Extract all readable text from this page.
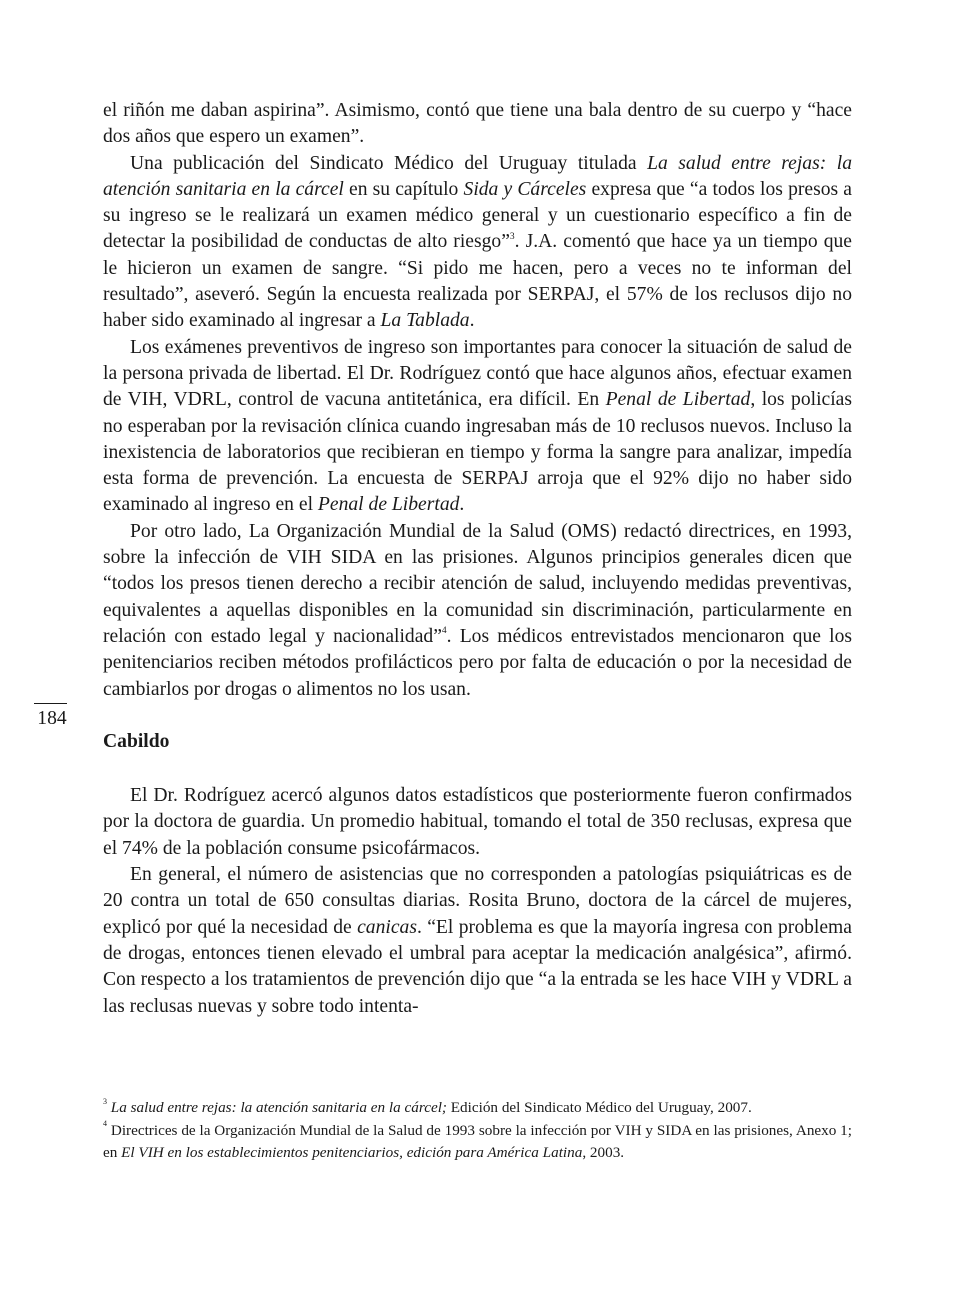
el riñón me daban aspirina”. Asimismo, contó que tiene una bala dentro de su cuerpo y “hace dos años que espero un examen”.

Una publicación del Sindicato Médico del Uruguay titulada La salud entre rejas: la atención sanitaria en la cárcel en su capítulo Sida y Cárceles expresa que “a todos los presos a su ingreso se le realizará un examen médico general y un cuestionario específico a fin de detectar la posibilidad de conductas de alto riesgo”$^3$. J.A. comentó que hace ya un tiempo que le hicieron un examen de sangre. “Si pido me hacen, pero a veces no te informan del resultado”, aseveró. Según la encuesta realizada por SERPAJ, el 57% de los reclusos dijo no haber sido examinado al ingresar a La Tablada.

Los exámenes preventivos de ingreso son importantes para conocer la situación de salud de la persona privada de libertad. El Dr. Rodríguez contó que hace algunos años, efectuar examen de VIH, VDRL, control de vacuna antitetánica, era difícil. En Penal de Libertad, los policías no esperaban por la revisación clínica cuando ingresaban más de 10 reclusos nuevos. Incluso la inexistencia de laboratorios que recibieran en tiempo y forma la sangre para analizar, impedía esta forma de prevención. La encuesta de SERPAJ arroja que el 92% dijo no haber sido examinado al ingreso en el Penal de Libertad.

Por otro lado, La Organización Mundial de la Salud (OMS) redactó directrices, en 1993, sobre la infección de VIH SIDA en las prisiones. Algunos principios generales dicen que “todos los presos tienen derecho a recibir atención de salud, incluyendo medidas preventivas, equivalentes a aquellas disponibles en la comunidad sin discriminación, particularmente en relación con estado legal y nacionalidad”$^4$. Los médicos entrevistados mencionaron que los penitenciarios reciben métodos profilácticos pero por falta de educación o por la necesidad de cambiarlos por drogas o alimentos no los usan.

Cabildo

El Dr. Rodríguez acercó algunos datos estadísticos que posteriormente fueron confirmados por la doctora de guardia. Un promedio habitual, tomando el total de 350 reclusas, expresa que el 74% de la población consume psicofármacos.

En general, el número de asistencias que no corresponden a patologías psiquiátricas es de 20 contra un total de 650 consultas diarias. Rosita Bruno, doctora de la cárcel de mujeres, explicó por qué la necesidad de canicas. “El problema es que la mayoría ingresa con problema de drogas, entonces tienen elevado el umbral para aceptar la medicación analgésica”, afirmó. Con respecto a los tratamientos de prevención dijo que “a la entrada se les hace VIH y VDRL a las reclusas nuevas y sobre todo intenta-

184

$^3$ La salud entre rejas: la atención sanitaria en la cárcel; Edición del Sindicato Médico del Uruguay, 2007.

$^4$ Directrices de la Organización Mundial de la Salud de 1993 sobre la infección por VIH y SIDA en las prisiones, Anexo 1; en El VIH en los establecimientos penitenciarios, edición para América Latina, 2003.
